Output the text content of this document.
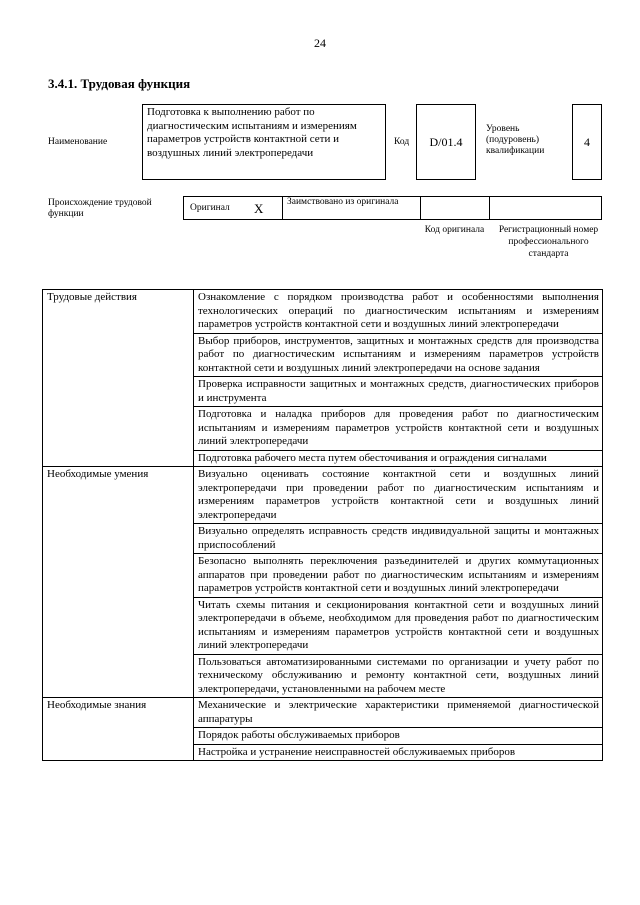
24
3.4.1. Трудовая функция
Наименование
Подготовка к выполнению работ по диагностическим испытаниям и измерениям параметров устройств контактной сети и воздушных линий электропередачи
Код	D/01.4
Уровень (подуровень) квалификации
4
Происхождение трудовой функции
Оригинал X Заимствовано из оригинала
Код оригинала	Регистрационный номер профессионального стандарта
Трудовые действия	Ознакомление с порядком производства работ и особенностями выполнения технологических операций по диагностическим испытаниям и измерениям параметров устройств контактной сети и воздушных линий электропередачи
	Выбор приборов, инструментов, защитных и монтажных средств для производства работ по диагностическим испытаниям и измерениям параметров устройств контактной сети и воздушных линий электропередачи на основе задания
	Проверка исправности защитных и монтажных средств, диагностических приборов и инструмента
	Подготовка и наладка приборов для проведения работ по диагностическим испытаниям и измерениям параметров устройств контактной сети и воздушных линий электропередачи
	Подготовка рабочего места путем обесточивания и ограждения сигналами
Необходимые умения	Визуально оценивать состояние контактной сети и воздушных линий электропередачи при проведении работ по диагностическим испытаниям и измерениям параметров устройств контактной сети и воздушных линий электропередачи
	Визуально определять исправность средств индивидуальной защиты и монтажных приспособлений
	Безопасно выполнять переключения разъединителей и других коммутационных аппаратов при проведении работ по диагностическим испытаниям и измерениям параметров устройств контактной сети и воздушных линий электропередачи
	Читать схемы питания и секционирования контактной сети и воздушных линий электропередачи в объеме, необходимом для проведения работ по диагностическим испытаниям и измерениям параметров устройств контактной сети и воздушных линий электропередачи
	Пользоваться автоматизированными системами по организации и учету работ по техническому обслуживанию и ремонту контактной сети, воздушных линий электропередачи, установленными на рабочем месте
Необходимые знания	Механические и электрические характеристики применяемой диагностической аппаратуры
	Порядок работы обслуживаемых приборов
	Настройка и устранение неисправностей обслуживаемых приборов
